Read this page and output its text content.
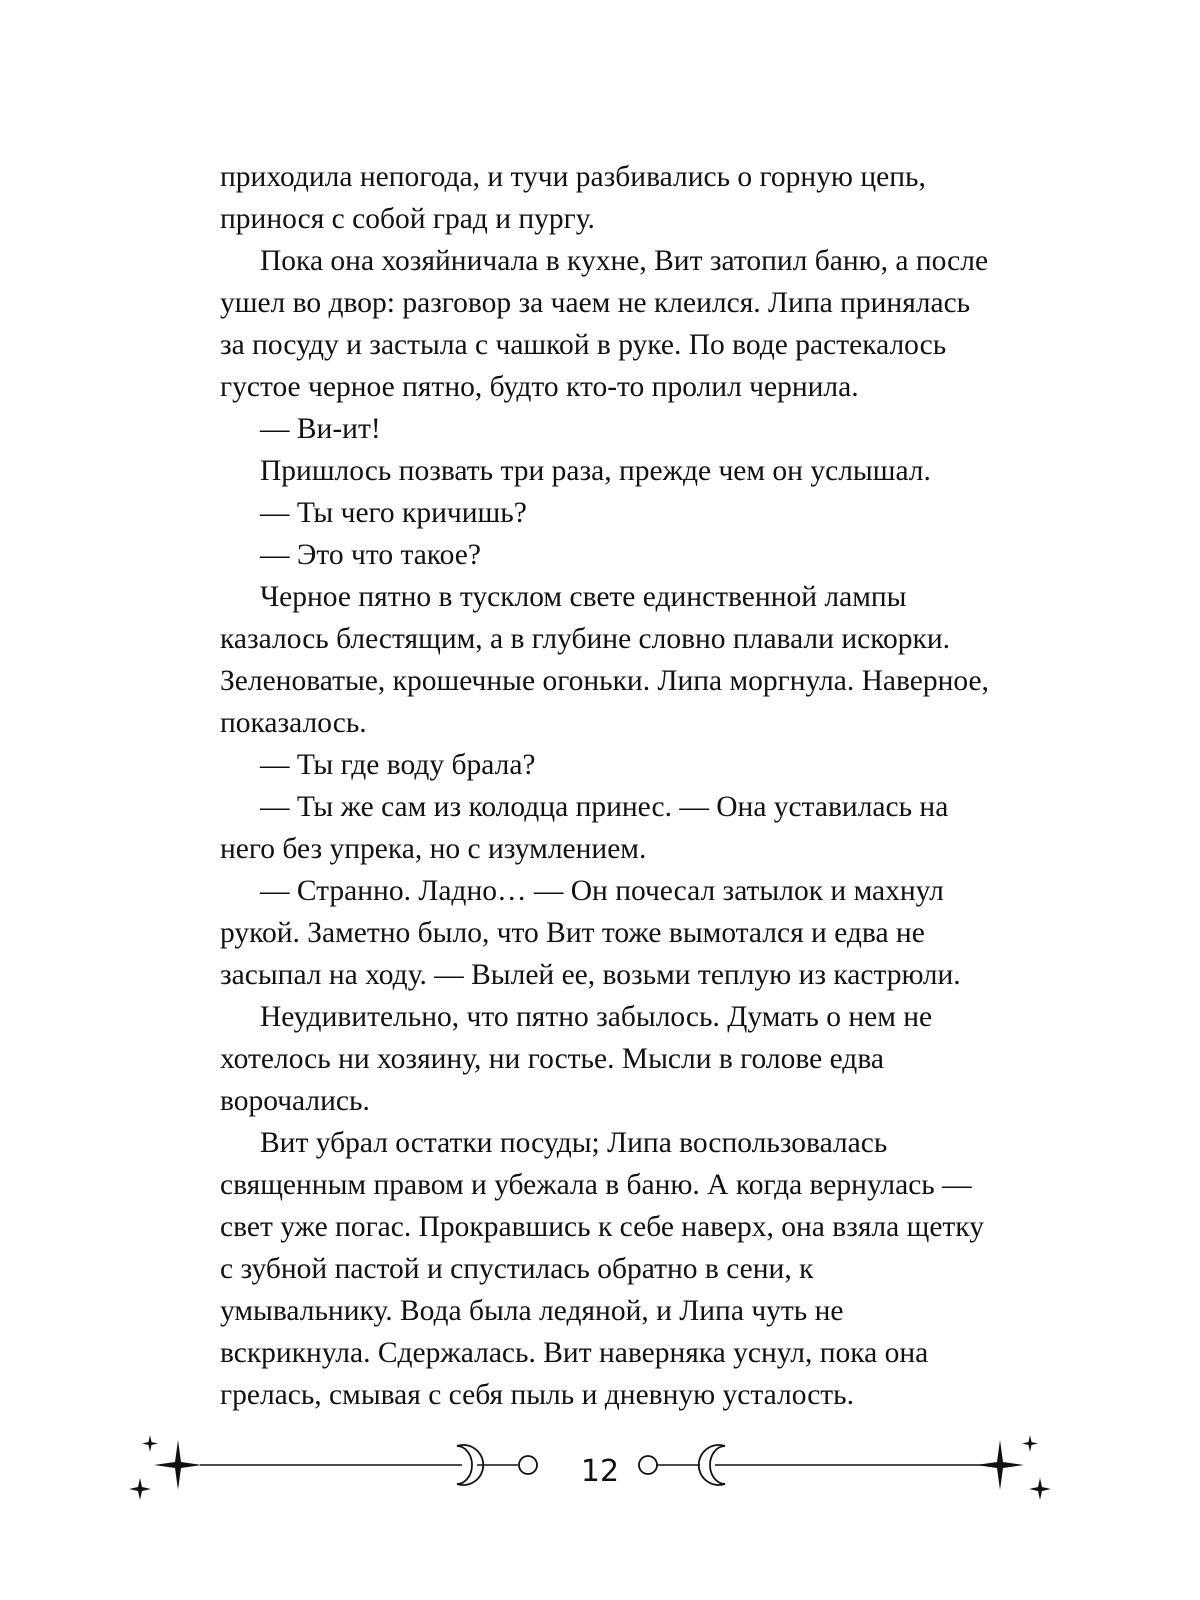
приходила непогода, и тучи разбивались о горную цепь, принося с собой град и пургу.

Пока она хозяйничала в кухне, Вит затопил баню, а после ушел во двор: разговор за чаем не клеился. Липа принялась за посуду и застыла с чашкой в руке. По воде растекалось густое черное пятно, будто кто-то пролил чернила.

— Ви-ит!

Пришлось позвать три раза, прежде чем он услышал.

— Ты чего кричишь?

— Это что такое?

Черное пятно в тусклом свете единственной лампы казалось блестящим, а в глубине словно плавали искорки. Зеленоватые, крошечные огоньки. Липа моргнула. Наверное, показалось.

— Ты где воду брала?

— Ты же сам из колодца принес. — Она уставилась на него без упрека, но с изумлением.

— Странно. Ладно… — Он почесал затылок и махнул рукой. Заметно было, что Вит тоже вымотался и едва не засыпал на ходу. — Вылей ее, возьми теплую из кастрюли.

Неудивительно, что пятно забылось. Думать о нем не хотелось ни хозяину, ни гостье. Мысли в голове едва ворочались.

Вит убрал остатки посуды; Липа воспользовалась священным правом и убежала в баню. А когда вернулась — свет уже погас. Прокравшись к себе наверх, она взяла щетку с зубной пастой и спустилась обратно в сени, к умывальнику. Вода была ледяной, и Липа чуть не вскрикнула. Сдержалась. Вит наверняка уснул, пока она грелась, смывая с себя пыль и дневную усталость.

12
